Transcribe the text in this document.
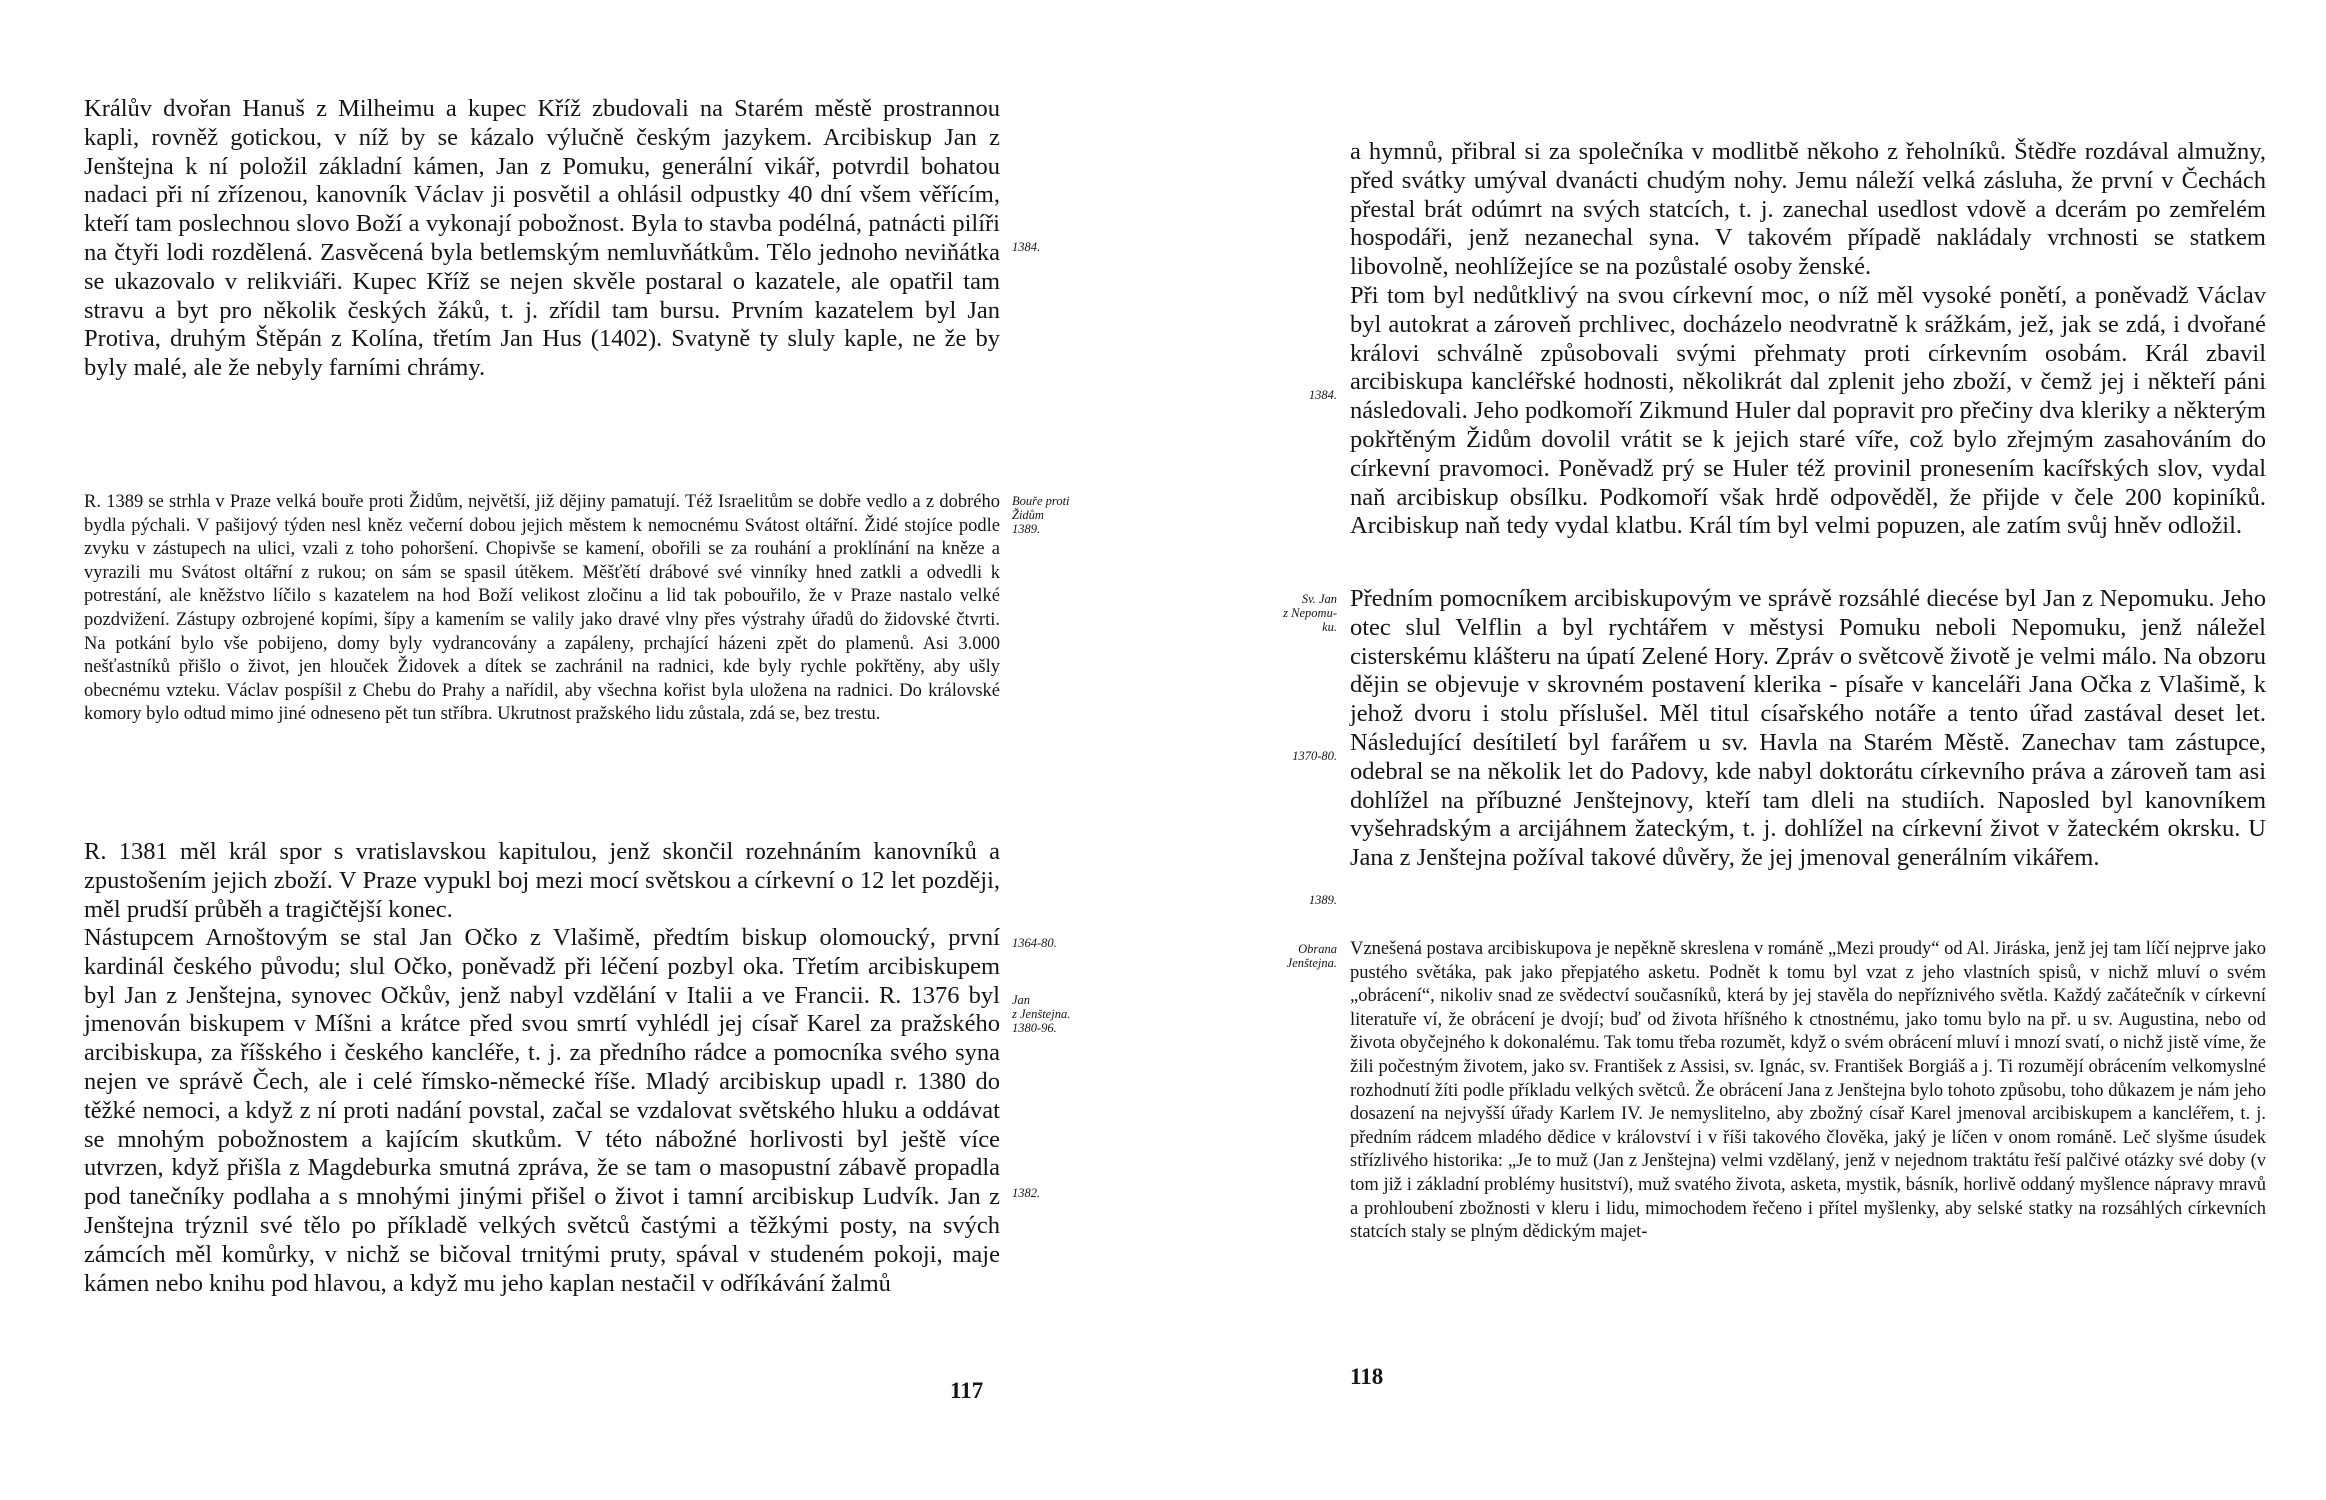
Králův dvořan Hanuš z Milheimu a kupec Kříž zbudovali na Starém městě prostrannou kapli, rovněž gotickou, v níž by se kázalo výlučně českým jazykem. Arcibiskup Jan z Jenštejna k ní položil základní kámen, Jan z Pomuku, generální vikář, potvrdil bohatou nadaci při ní zřízenou, kanovník Václav ji posvětil a ohlásil odpustky 40 dní všem věřícím, kteří tam poslechnou slovo Boží a vykonají pobožnost. Byla to stavba podélná, patnácti pilíři na čtyři lodi rozdělená. Zasvěcená byla betlemským nemluvňátkům. Tělo jednoho neviňátka se ukazovalo v relikviáři. Kupec Kříž se nejen skvěle postaral o kazatele, ale opatřil tam stravu a byt pro několik českých žáků, t. j. zřídil tam bursu. Prvním kazatelem byl Jan Protiva, druhým Štěpán z Kolína, třetím Jan Hus (1402). Svatyně ty sluly kaple, ne že by byly malé, ale že nebyly farními chrámy.

R. 1389 se strhla v Praze velká bouře proti Židům, největší, již dějiny pamatují. Též Israelitům se dobře vedlo a z dobrého bydla pýchali. V pašijový týden nesl kněz večerní dobou jejich městem k nemocnému Svátost oltářní. Židé stojíce podle zvyku v zástupech na ulici, vzali z toho pohoršení. Chopivše se kamení, obořili se za rouhání a proklínání na kněze a vyrazili mu Svátost oltářní z rukou; on sám se spasil útěkem. Měšťětí drábové své vinníky hned zatkli a odvedli k potrestání, ale kněžstvo líčilo s kazatelem na hod Boží velikost zločinu a lid tak pobouřilo, že v Praze nastalo velké pozdvižení. Zástupy ozbrojené kopími, šípy a kamením se valily jako dravé vlny přes výstrahy úřadů do židovské čtvrti. Na potkání bylo vše pobijeno, domy byly vydrancovány a zapáleny, prchající házeni zpět do plamenů. Asi 3.000 nešťastníků přišlo o život, jen hlouček Židovek a dítek se zachránil na radnici, kde byly rychle pokřtěny, aby ušly obecnému vzteku. Václav pospíšil z Chebu do Prahy a nařídil, aby všechna kořist byla uložena na radnici. Do královské komory bylo odtud mimo jiné odneseno pět tun stříbra. Ukrutnost pražského lidu zůstala, zdá se, bez trestu.

R. 1381 měl král spor s vratislavskou kapitulou, jenž skončil rozehnáním kanovníků a zpustošením jejich zboží. V Praze vypukl boj mezi mocí světskou a církevní o 12 let později, měl prudší průběh a tragičtější konec.

Nástupcem Arnoštovým se stal Jan Očko z Vlašimě, předtím biskup olomoucký, první kardinál českého původu; slul Očko, poněvadž při léčení pozbyl oka. Třetím arcibiskupem byl Jan z Jenštejna, synovec Očkův, jenž nabyl vzdělání v Italii a ve Francii. R. 1376 byl jmenován biskupem v Míšni a krátce před svou smrtí vyhlédl jej císař Karel za pražského arcibiskupa, za říšského i českého kancléře, t. j. za předního rádce a pomocníka svého syna nejen ve správě Čech, ale i celé římsko-německé říše. Mladý arcibiskup upadl r. 1380 do těžké nemoci, a když z ní proti nadání povstal, začal se vzdalovat světského hluku a oddávat se mnohým pobožnostem a kajícím skutkům. V této nábožné horlivosti byl ještě více utvrzen, když přišla z Magdeburka smutná zpráva, že se tam o masopustní zábavě propadla pod tanečníky podlaha a s mnohými jinými přišel o život i tamní arcibiskup Ludvík. Jan z Jenštejna trýznil své tělo po příkladě velkých světců častými a těžkými posty, na svých zámcích měl komůrky, v nichž se bičoval trnitými pruty, spával v studeném pokoji, maje kámen nebo knihu pod hlavou, a když mu jeho kaplan nestačil v odříkávání žalmů

1384.
Bouře proti
Židům
1389.
1364-80.
Jan
z Jenštejna.
1380-96.
1382.
117

a hymnů, přibral si za společníka v modlitbě někoho z řeholníků. Štědře rozdával almužny, před svátky umýval dvanácti chudým nohy. Jemu náleží velká zásluha, že první v Čechách přestal brát odúmrt na svých statcích, t. j. zanechal usedlost vdově a dcerám po zemřelém hospodáři, jenž nezanechal syna. V takovém případě nakládaly vrchnosti se statkem libovolně, neohlížejíce se na pozůstalé osoby ženské.

Při tom byl nedůtklivý na svou církevní moc, o níž měl vysoké ponětí, a poněvadž Václav byl autokrat a zároveň prchlivec, docházelo neodvratně k srážkám, jež, jak se zdá, i dvořané královi schválně způsobovali svými přehmaty proti církevním osobám. Král zbavil arcibiskupa kancléřské hodnosti, několikrát dal zplenit jeho zboží, v čemž jej i někteří páni následovali. Jeho podkomoří Zikmund Huler dal popravit pro přečiny dva kleriky a některým pokřtěným Židům dovolil vrátit se k jejich staré víře, což bylo zřejmým zasahováním do církevní pravomoci. Poněvadž prý se Huler též provinil pronesením kacířských slov, vydal naň arcibiskup obsílku. Podkomoří však hrdě odpověděl, že přijde v čele 200 kopiníků. Arcibiskup naň tedy vydal klatbu. Král tím byl velmi popuzen, ale zatím svůj hněv odložil.

Předním pomocníkem arcibiskupovým ve správě rozsáhlé diecése byl Jan z Nepomuku. Jeho otec slul Velflin a byl rychtářem v městysi Pomuku neboli Nepomuku, jenž náležel cisterskému klášteru na úpatí Zelené Hory. Zpráv o světcově životě je velmi málo. Na obzoru dějin se objevuje v skrovném postavení klerika - písaře v kanceláři Jana Očka z Vlašimě, k jehož dvoru i stolu příslušel. Měl titul císařského notáře a tento úřad zastával deset let. Následující desítiletí byl farářem u sv. Havla na Starém Městě. Zanechav tam zástupce, odebral se na několik let do Padovy, kde nabyl doktorátu církevního práva a zároveň tam asi dohlížel na příbuzné Jenštejnovy, kteří tam dleli na studiích. Naposled byl kanovníkem vyšehradským a arcijáhnem žateckým, t. j. dohlížel na církevní život v žateckém okrsku. U Jana z Jenštejna požíval takové důvěry, že jej jmenoval generálním vikářem.

Vznešená postava arcibiskupova je nepěkně skreslena v románě „Mezi proudy“ od Al. Jiráska, jenž jej tam líčí nejprve jako pustého světáka, pak jako přepjatého asketu. Podnět k tomu byl vzat z jeho vlastních spisů, v nichž mluví o svém „obrácení“, nikoliv snad ze svědectví současníků, která by jej stavěla do nepříznivého světla. Každý začátečník v církevní literatuře ví, že obrácení je dvojí; buď od života hříšného k ctnostnému, jako tomu bylo na př. u sv. Augustina, nebo od života obyčejného k dokonalému. Tak tomu třeba rozumět, když o svém obrácení mluví i mnozí svatí, o nichž jistě víme, že žili počestným životem, jako sv. František z Assisi, sv. Ignác, sv. František Borgiáš a j. Ti rozumějí obrácením velkomyslné rozhodnutí žíti podle příkladu velkých světců. Že obrácení Jana z Jenštejna bylo tohoto způsobu, toho důkazem je nám jeho dosazení na nejvyšší úřady Karlem IV. Je nemyslitelno, aby zbožný císař Karel jmenoval arcibiskupem a kancléřem, t. j. předním rádcem mladého dědice v království i v říši takového člověka, jaký je líčen v onom románě. Leč slyšme úsudek střízlivého historika: „Je to muž (Jan z Jenštejna) velmi vzdělaný, jenž v nejednom traktátu řeší palčivé otázky své doby (v tom již i základní problémy husitství), muž svatého života, asketa, mystik, básník, horlivě oddaný myšlence nápravy mravů a prohloubení zbožnosti v kleru i lidu, mimochodem řečeno i přítel myšlenky, aby selské statky na rozsáhlých církevních statcích staly se plným dědickým majet-

1384.
Sv. Jan
z Nepomu-
ku.
1370-80.
1389.
Obrana
Jenštejna.
118
